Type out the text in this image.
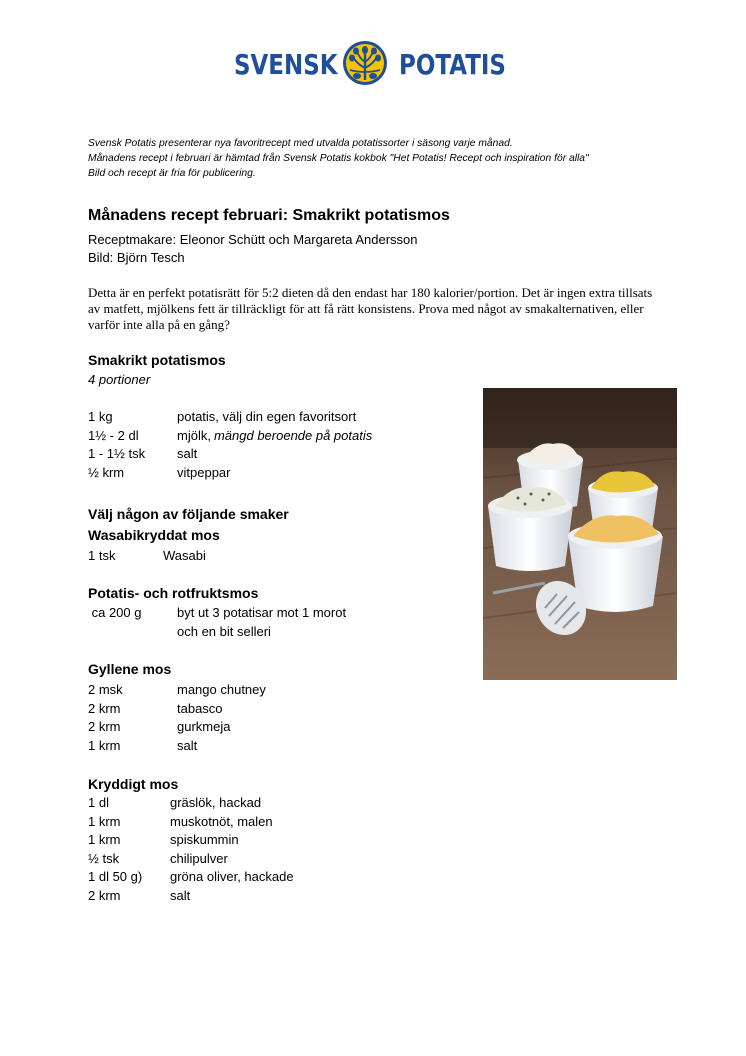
SVENSK POTATIS
Svensk Potatis presenterar nya favoritrecept med utvalda potatissorter i säsong varje månad.
Månadens recept i februari är hämtad från Svensk Potatis kokbok "Het Potatis! Recept och inspiration för alla"
Bild och recept är fria för publicering.
Månadens recept februari: Smakrikt potatismos
Receptmakare: Eleonor Schütt och Margareta Andersson
Bild: Björn Tesch
Detta är en perfekt potatisrätt för 5:2 dieten då den endast har 180 kalorier/portion. Det är ingen extra tillsats av matfett, mjölkens fett är tillräckligt för att få rätt konsistens. Prova med något av smakalternativen, eller varför inte alla på en gång?
Smakrikt potatismos
4 portioner
1 kg	potatis, välj din egen favoritsort
1½ - 2 dl	mjölk, mängd beroende på potatis
1 - 1½ tsk	salt
½ krm	vitpeppar
Välj någon av följande smaker
Wasabikryddat mos
1 tsk	Wasabi
Potatis- och rotfruktsmos
ca 200 g	byt ut 3 potatisar mot 1 morot
och en bit selleri
Gyllene mos
2 msk	mango chutney
2 krm	tabasco
2 krm	gurkmeja
1 krm	salt
Kryddigt mos
1 dl	gräslök, hackad
1 krm	muskotnöt, malen
1 krm	spiskummin
½ tsk	chilipulver
1 dl 50 g)	gröna oliver, hackade
2 krm	salt
